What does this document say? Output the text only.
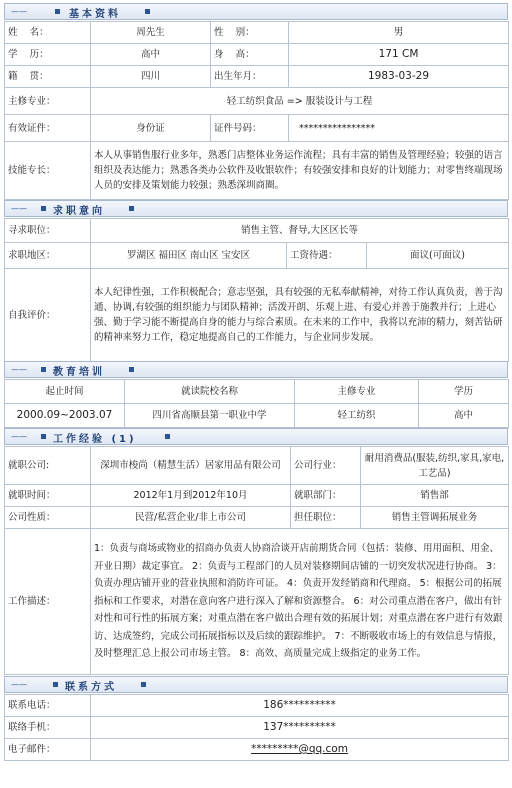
——	基本资料
姓    名：	周先生	性    别：	男
学    历：	高中	身    高：	171 CM
籍    贯：	四川	出生年月：	1983-03-29
主修专业：	轻工纺织食品 => 服装设计与工程		
有效证件：	身份证	证件号码：	****************
技能专长：	本人从事销售服行业多年，熟悉门店整体业务运作流程；具有丰富的销售及管理经验；较强的语言组织及表达能力；熟悉各类办公软件及收银软件；有较强安排和良好的计划能力；对零售终端现场人员的安排及策划能力较强；熟悉深圳商圈。		
——	求职意向
寻求职位：	销售主管、督导,大区区长等		
求职地区：	罗湖区 福田区 南山区 宝安区	工资待遇：	面议(可面议)
自我评价：	本人纪律性强，工作积极配合；意志坚强，具有较强的无私奉献精神，对待工作认真负责，善于沟通、协调,有较强的组织能力与团队精神；活泼开朗、乐观上进、有爱心并善于施教并行；上进心强、勤于学习能不断提高自身的能力与综合素质。在未来的工作中，我将以充沛的精力，刻苦钻研的精神来努力工作，稳定地提高自己的工作能力，与企业同步发展。		
——	教育培训
起止时间	就读院校名称	主修专业	学历
2000.09~2003.07	四川省高顺县第一职业中学	轻工纺织	高中
——	工作经验 (1)
就职公司:	深圳市梭尚（精慧生活）居家用品有限公司	公司行业：	耐用消费品(服装,纺织,家具,家电,工艺品)
就职时间：	2012年1月到2012年10月	就职部门：	销售部
公司性质：	民营/私营企业/非上市公司	担任职位：	销售主管调拓展业务
工作描述：	1：负责与商场或物业的招商办负责人协商洽谈开店前期货合同（包括：装修、用用面积、用金、开业日期）裁定事宜。 2：负责与工程部门的人员对装修期间店铺的一切突发状况进行协商。 3：负责办理店铺开业的营业执照和消防许可证。 4：负责开发经销商和代理商。 5：根据公司的拓展指标和工作要求，对潜在意向客户进行深入了解和资源整合。 6：对公司重点潜在客户，做出有针对性和可行性的拓展方案；对重点潜在客户做出合理有效的拓展计划；对重点潜在客户进行有效跟访、达成签约，完成公司拓展指标以及后续的跟踪维护。 7：不断吸收市场上的有效信息与情报，及时整理汇总上报公司市场主管。 8：高效、高质量完成上级指定的业务工作。		
——	联系方式
联系电话：	186**********
联络手机：	137**********
电子邮件：	*********@qq.com
